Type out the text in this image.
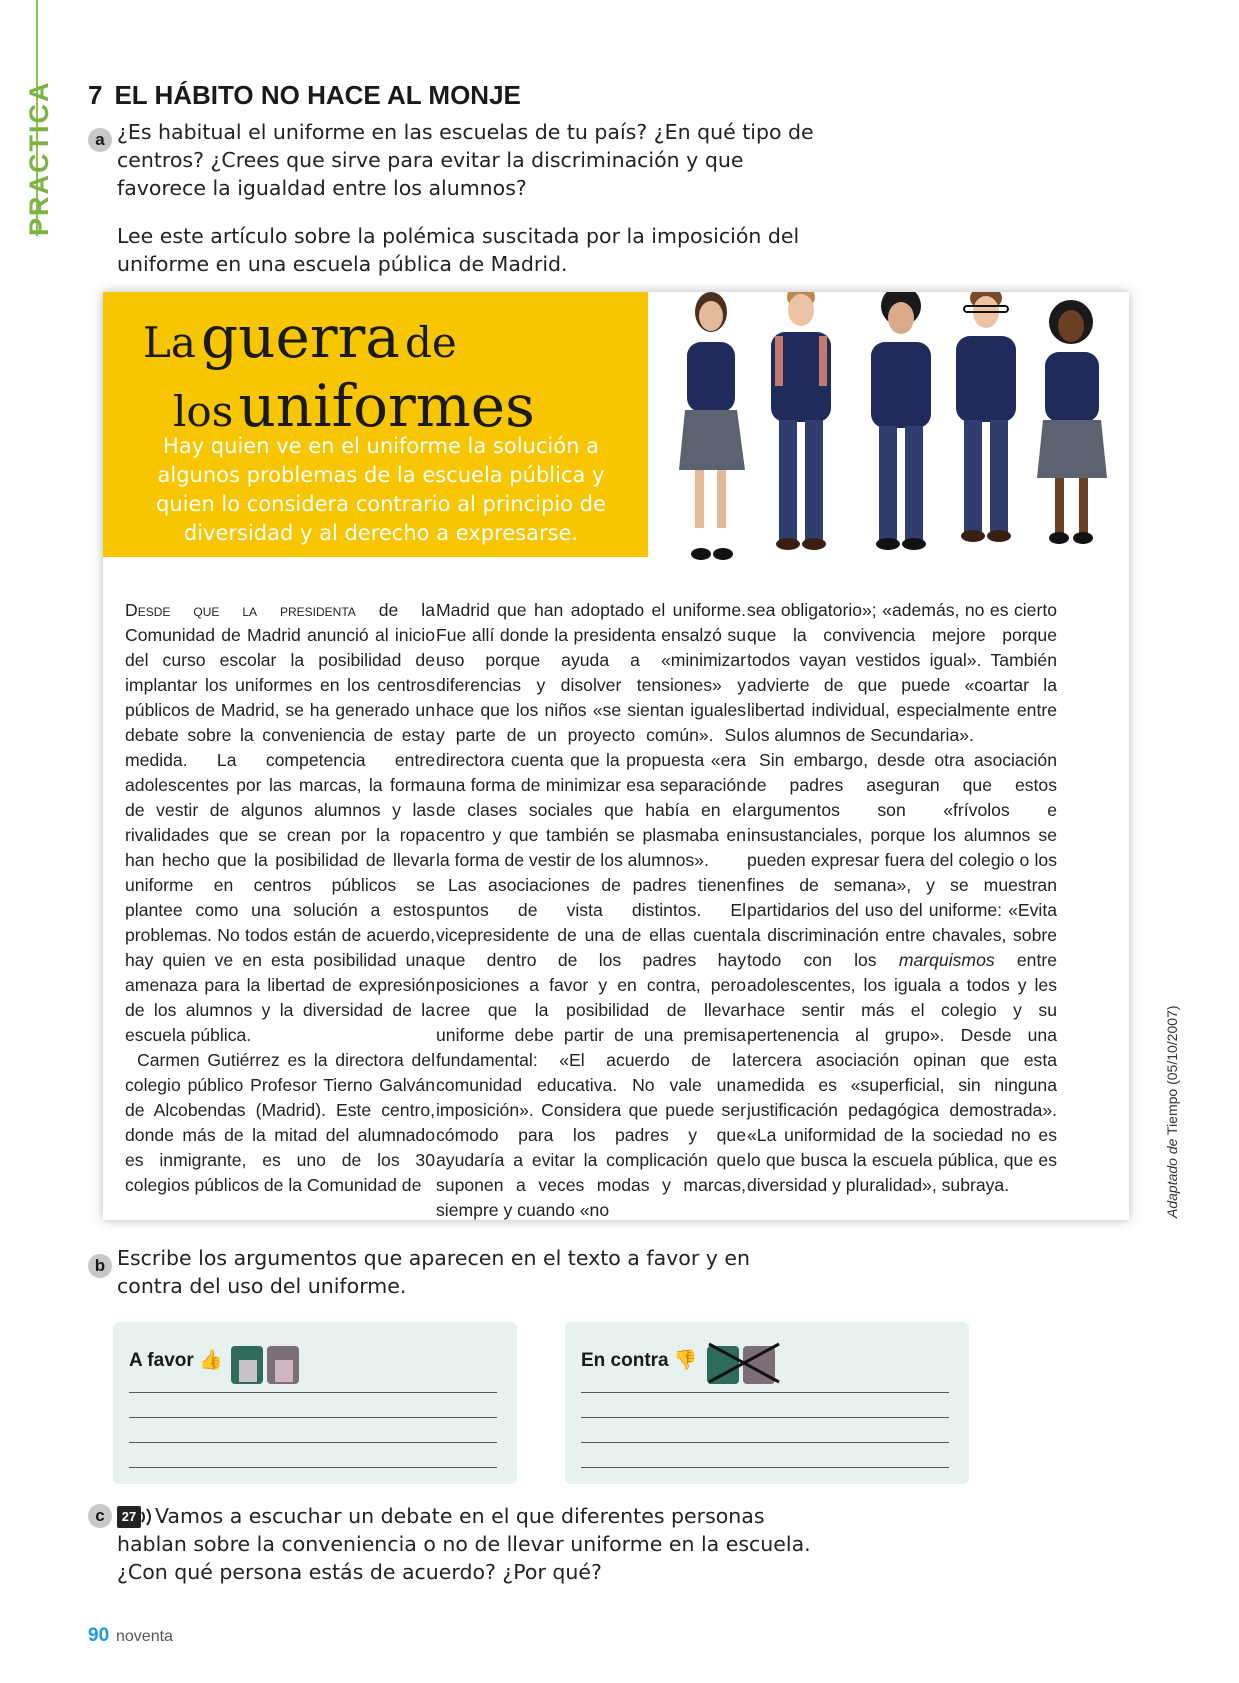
PRACTICA 7 EL HÁBITO NO HACE AL MONJE
a ¿Es habitual el uniforme en las escuelas de tu país? ¿En qué tipo de centros? ¿Crees que sirve para evitar la discriminación y que favorece la igualdad entre los alumnos?
Lee este artículo sobre la polémica suscitada por la imposición del uniforme en una escuela pública de Madrid.
La guerra de
los uniformes
Hay quien ve en el uniforme la solución a algunos problemas de la escuela pública y quien lo considera contrario al principio de diversidad y al derecho a expresarse.

Desde que la presidenta de la Comunidad de Madrid anunció al inicio del curso escolar la posibilidad de implantar los uniformes en los centros públicos de Madrid, se ha generado un debate sobre la conveniencia de esta medida. La competencia entre adolescentes por las marcas, la forma de vestir de algunos alumnos y las rivalidades que se crean por la ropa han hecho que la posibilidad de llevar uniforme en centros públicos se plantee como una solución a estos problemas. No todos están de acuerdo, hay quien ve en esta posibilidad una amenaza para la libertad de expresión de los alumnos y la diversidad de la escuela pública.

Carmen Gutiérrez es la directora del colegio público Profesor Tierno Galván de Alcobendas (Madrid). Este centro, donde más de la mitad del alumnado es inmigrante, es uno de los 30 colegios públicos de la Comunidad de

Madrid que han adoptado el uniforme. Fue allí donde la presidenta ensalzó su uso porque ayuda a «minimizar diferencias y disolver tensiones» y hace que los niños «se sientan iguales y parte de un proyecto común». Su directora cuenta que la propuesta «era una forma de minimizar esa separación de clases sociales que había en el centro y que también se plasmaba en la forma de vestir de los alumnos».

Las asociaciones de padres tienen puntos de vista distintos. El vicepresidente de una de ellas cuenta que dentro de los padres hay posiciones a favor y en contra, pero cree que la posibilidad de llevar uniforme debe partir de una premisa fundamental: «El acuerdo de la comunidad educativa. No vale una imposición». Considera que puede ser cómodo para los padres y que ayudaría a evitar la complicación que suponen a veces modas y marcas, siempre y cuando «no

sea obligatorio»; «además, no es cierto que la convivencia mejore porque todos vayan vestidos igual». También advierte de que puede «coartar la libertad individual, especialmente entre los alumnos de Secundaria».

Sin embargo, desde otra asociación de padres aseguran que estos argumentos son «frívolos e insustanciales, porque los alumnos se pueden expresar fuera del colegio o los fines de semana», y se muestran partidarios del uso del uniforme: «Evita la discriminación entre chavales, sobre todo con los marquismos entre adolescentes, los iguala a todos y les hace sentir más el colegio y su pertenencia al grupo». Desde una tercera asociación opinan que esta medida es «superficial, sin ninguna justificación pedagógica demostrada». «La uniformidad de la sociedad no es lo que busca la escuela pública, que es diversidad y pluralidad», subraya.	Adaptado de Tiempo (05/10/2007)
b Escribe los argumentos que aparecen en el texto a favor y en contra del uso del uniforme.
A favor 👍	En contra 👎
c	27 Vamos a escuchar un debate en el que diferentes personas hablan sobre la conveniencia o no de llevar uniforme en la escuela. ¿Con qué persona estás de acuerdo? ¿Por qué?
90 noventa
